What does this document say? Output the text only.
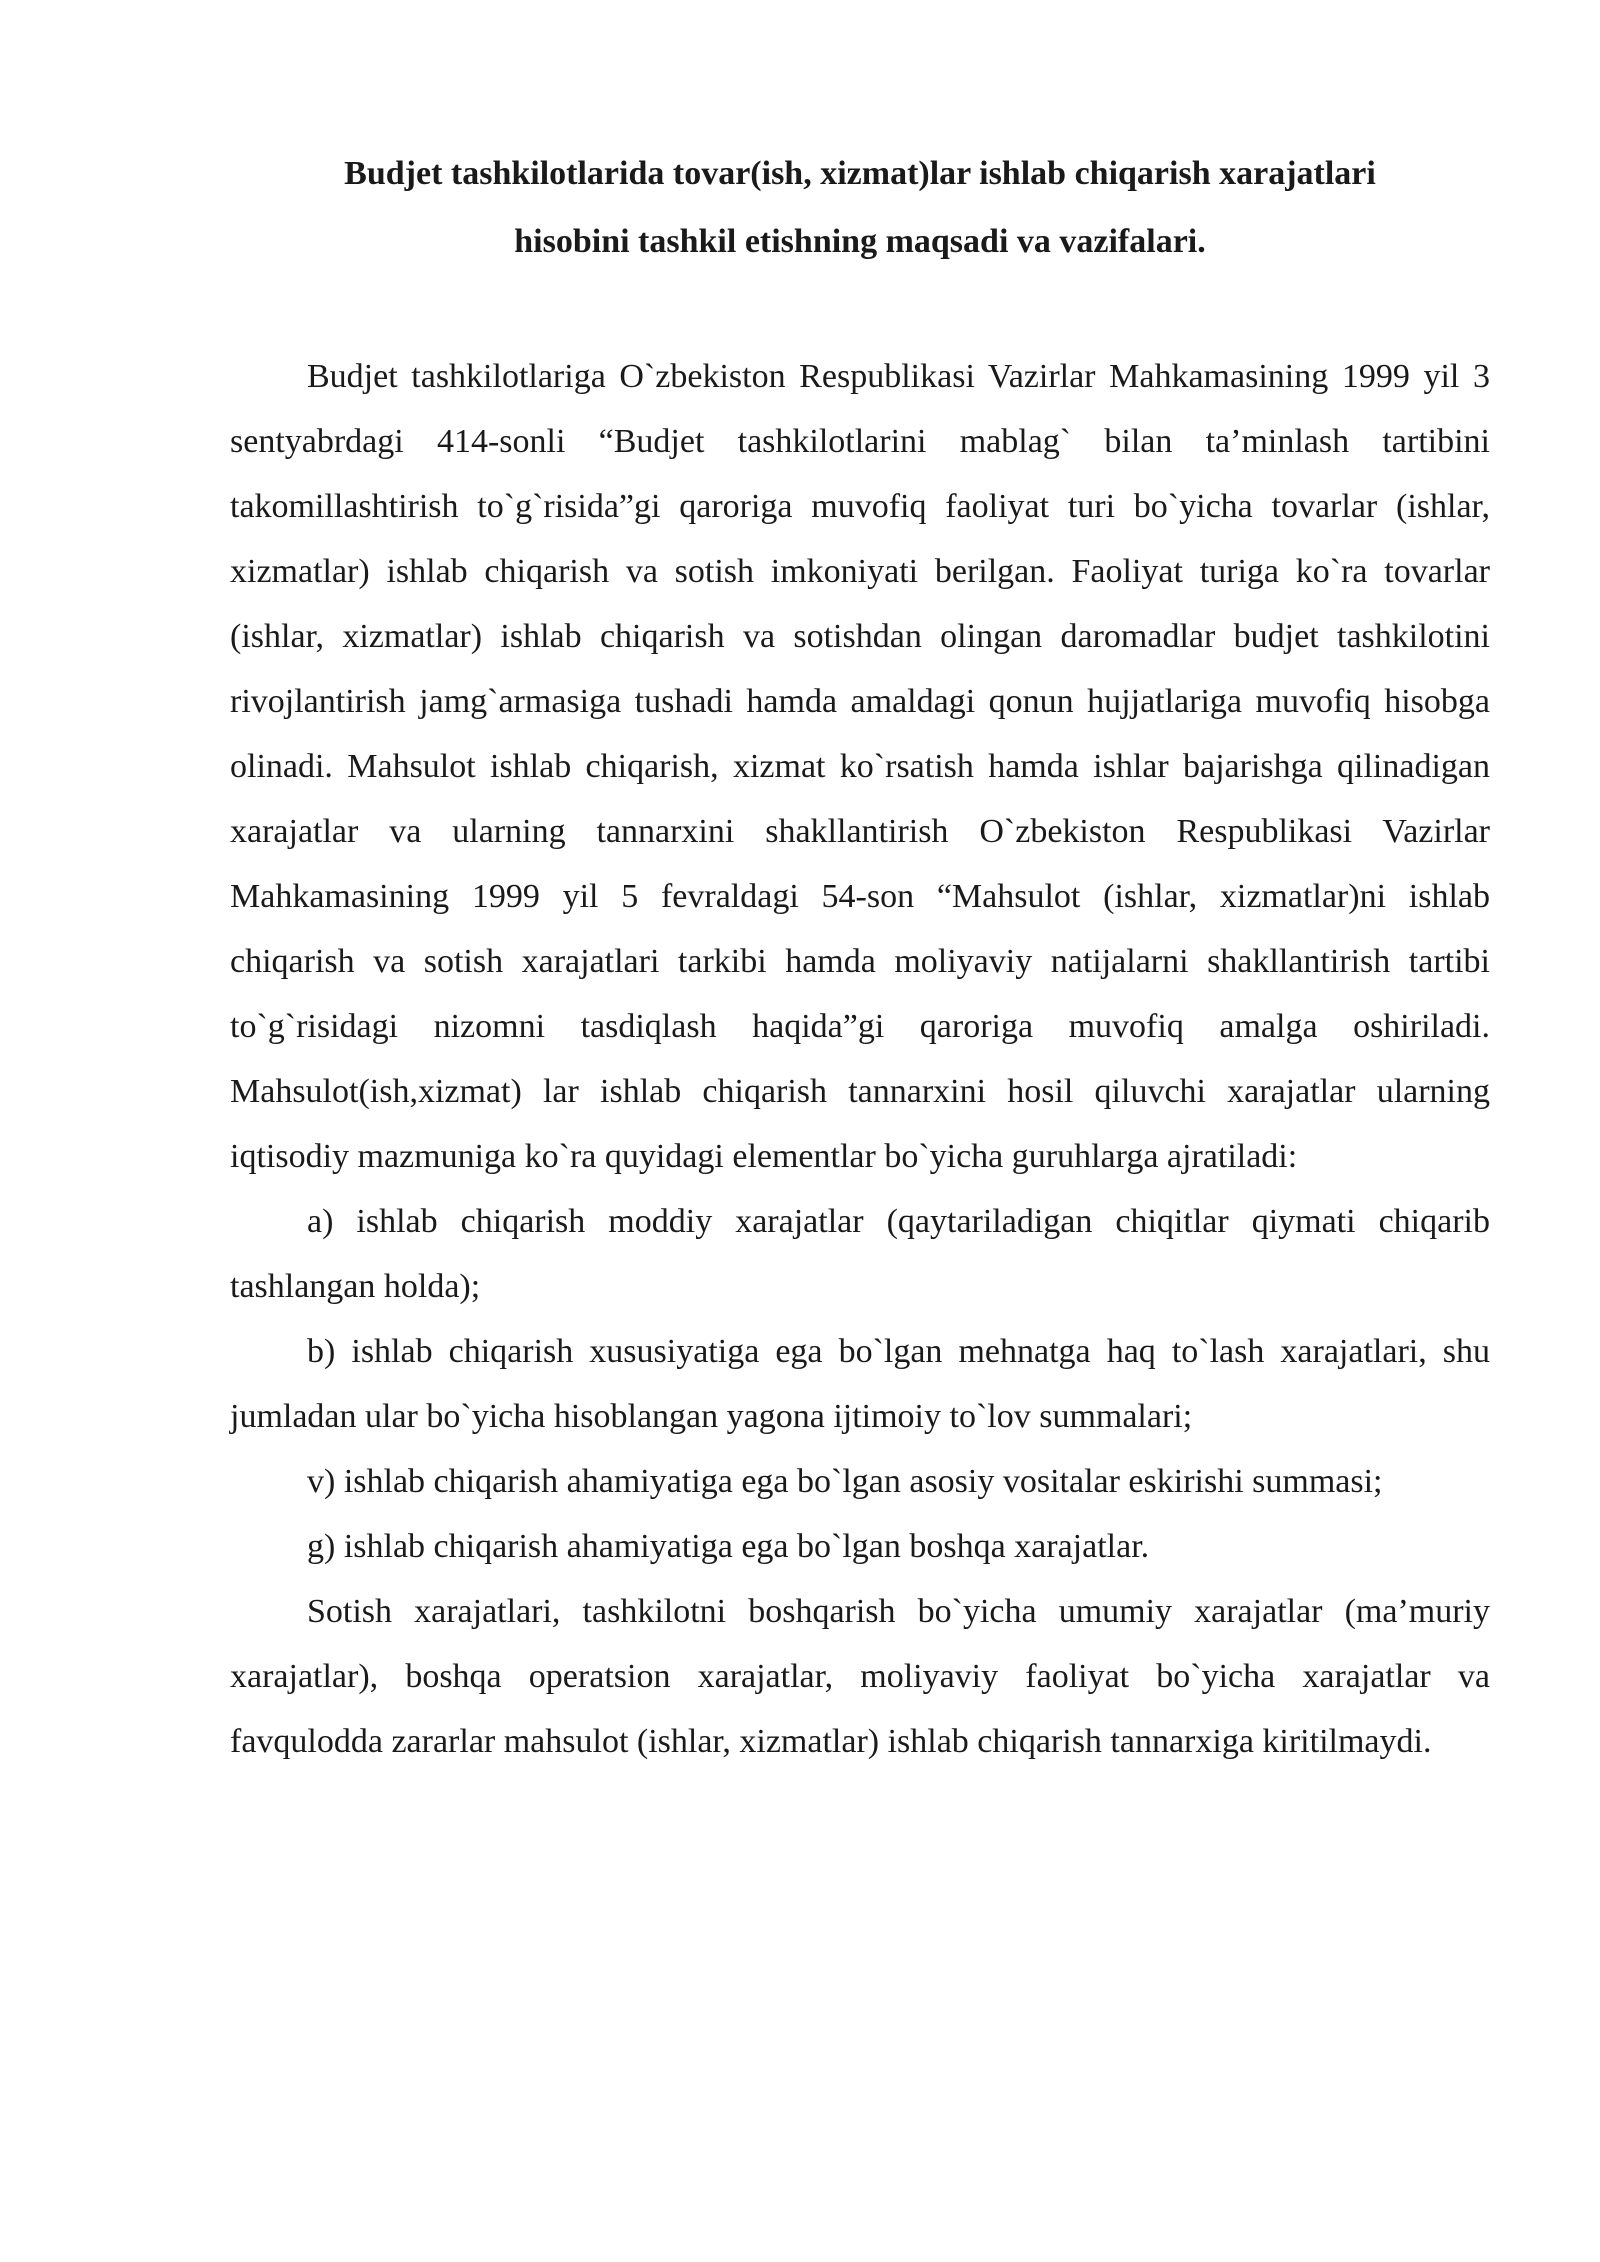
Budjet tashkilotlarida tovar(ish, xizmat)lar ishlab chiqarish xarajatlari
hisobini tashkil etishning maqsadi va vazifalari.

Budjet tashkilotlariga O`zbekiston Respublikasi Vazirlar Mahkamasining 1999 yil 3 sentyabrdagi 414-sonli “Budjet tashkilotlarini mablag` bilan ta’minlash tartibini takomillashtirish to`g`risida”gi qaroriga muvofiq faoliyat turi bo`yicha tovarlar (ishlar, xizmatlar) ishlab chiqarish va sotish imkoniyati berilgan. Faoliyat turiga ko`ra tovarlar (ishlar, xizmatlar) ishlab chiqarish va sotishdan olingan daromadlar budjet tashkilotini rivojlantirish jamg`armasiga tushadi hamda amaldagi qonun hujjatlariga muvofiq hisobga olinadi. Mahsulot ishlab chiqarish, xizmat ko`rsatish hamda ishlar bajarishga qilinadigan xarajatlar va ularning tannarxini shakllantirish O`zbekiston Respublikasi Vazirlar Mahkamasining 1999 yil 5 fevraldagi 54-son “Mahsulot (ishlar, xizmatlar)ni ishlab chiqarish va sotish xarajatlari tarkibi hamda moliyaviy natijalarni shakllantirish tartibi to`g`risidagi nizomni tasdiqlash haqida”gi qaroriga muvofiq amalga oshiriladi. Mahsulot(ish,xizmat) lar ishlab chiqarish tannarxini hosil qiluvchi xarajatlar ularning iqtisodiy mazmuniga ko`ra quyidagi elementlar bo`yicha guruhlarga ajratiladi:

a) ishlab chiqarish moddiy xarajatlar (qaytariladigan chiqitlar qiymati chiqarib tashlangan holda);

b) ishlab chiqarish xususiyatiga ega bo`lgan mehnatga haq to`lash xarajatlari, shu jumladan ular bo`yicha hisoblangan yagona ijtimoiy to`lov summalari;

v) ishlab chiqarish ahamiyatiga ega bo`lgan asosiy vositalar eskirishi summasi;

g) ishlab chiqarish ahamiyatiga ega bo`lgan boshqa xarajatlar.

Sotish xarajatlari, tashkilotni boshqarish bo`yicha umumiy xarajatlar (ma’muriy xarajatlar), boshqa operatsion xarajatlar, moliyaviy faoliyat bo`yicha xarajatlar va favqulodda zararlar mahsulot (ishlar, xizmatlar) ishlab chiqarish tannarxiga kiritilmaydi.
